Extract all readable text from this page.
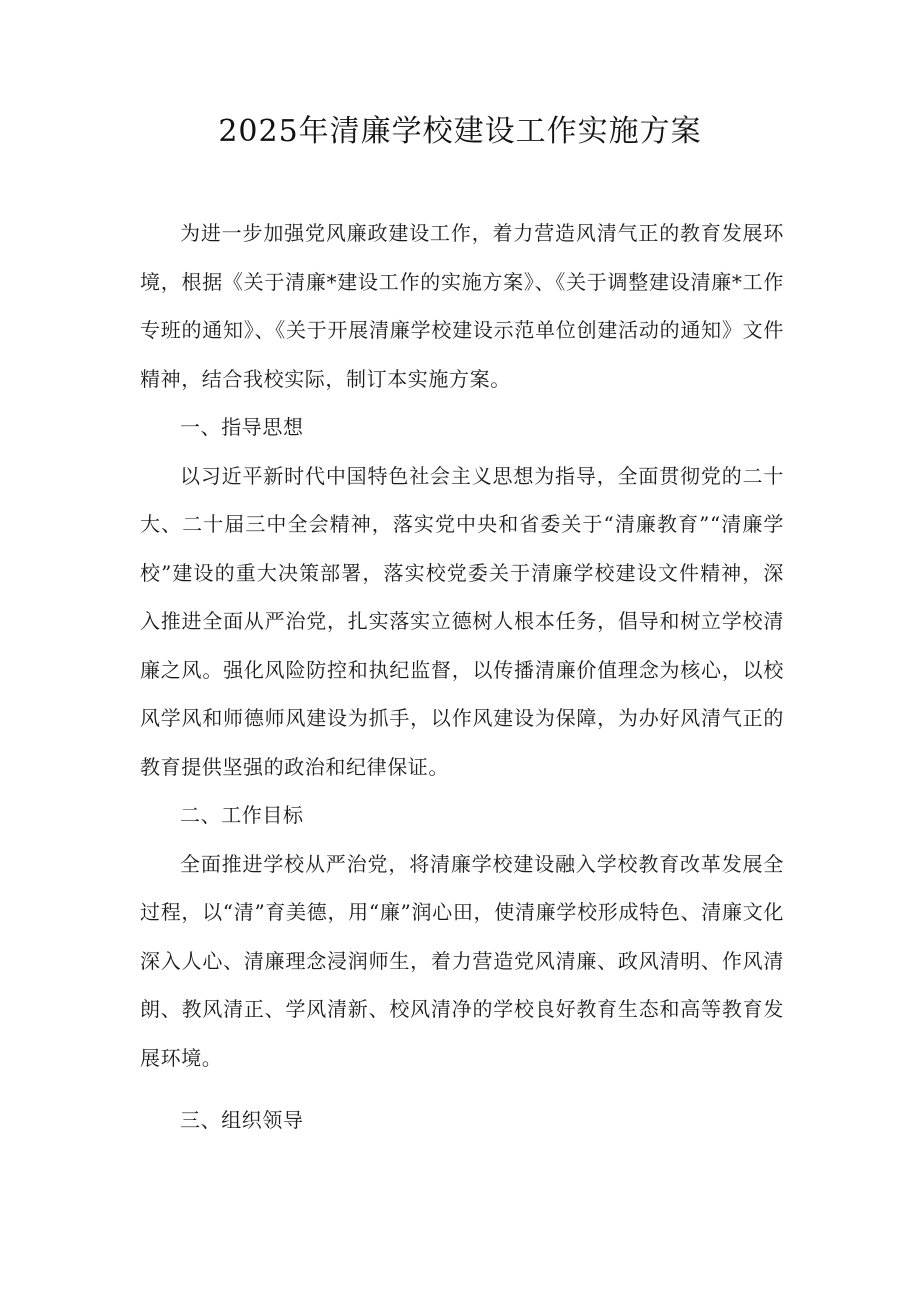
2025年清廉学校建设工作实施方案

为进一步加强党风廉政建设工作，着力营造风清气正的教育发展环境，根据《关于清廉*建设工作的实施方案》、《关于调整建设清廉*工作专班的通知》、《关于开展清廉学校建设示范单位创建活动的通知》文件精神，结合我校实际，制订本实施方案。

一、指导思想

以习近平新时代中国特色社会主义思想为指导，全面贯彻党的二十大、二十届三中全会精神，落实党中央和省委关于“清廉教育”“清廉学校”建设的重大决策部署，落实校党委关于清廉学校建设文件精神，深入推进全面从严治党，扎实落实立德树人根本任务，倡导和树立学校清廉之风。强化风险防控和执纪监督，以传播清廉价值理念为核心，以校风学风和师德师风建设为抓手，以作风建设为保障，为办好风清气正的教育提供坚强的政治和纪律保证。

二、工作目标

全面推进学校从严治党，将清廉学校建设融入学校教育改革发展全过程，以“清”育美德，用“廉”润心田，使清廉学校形成特色、清廉文化深入人心、清廉理念浸润师生，着力营造党风清廉、政风清明、作风清朗、教风清正、学风清新、校风清净的学校良好教育生态和高等教育发展环境。

三、组织领导
